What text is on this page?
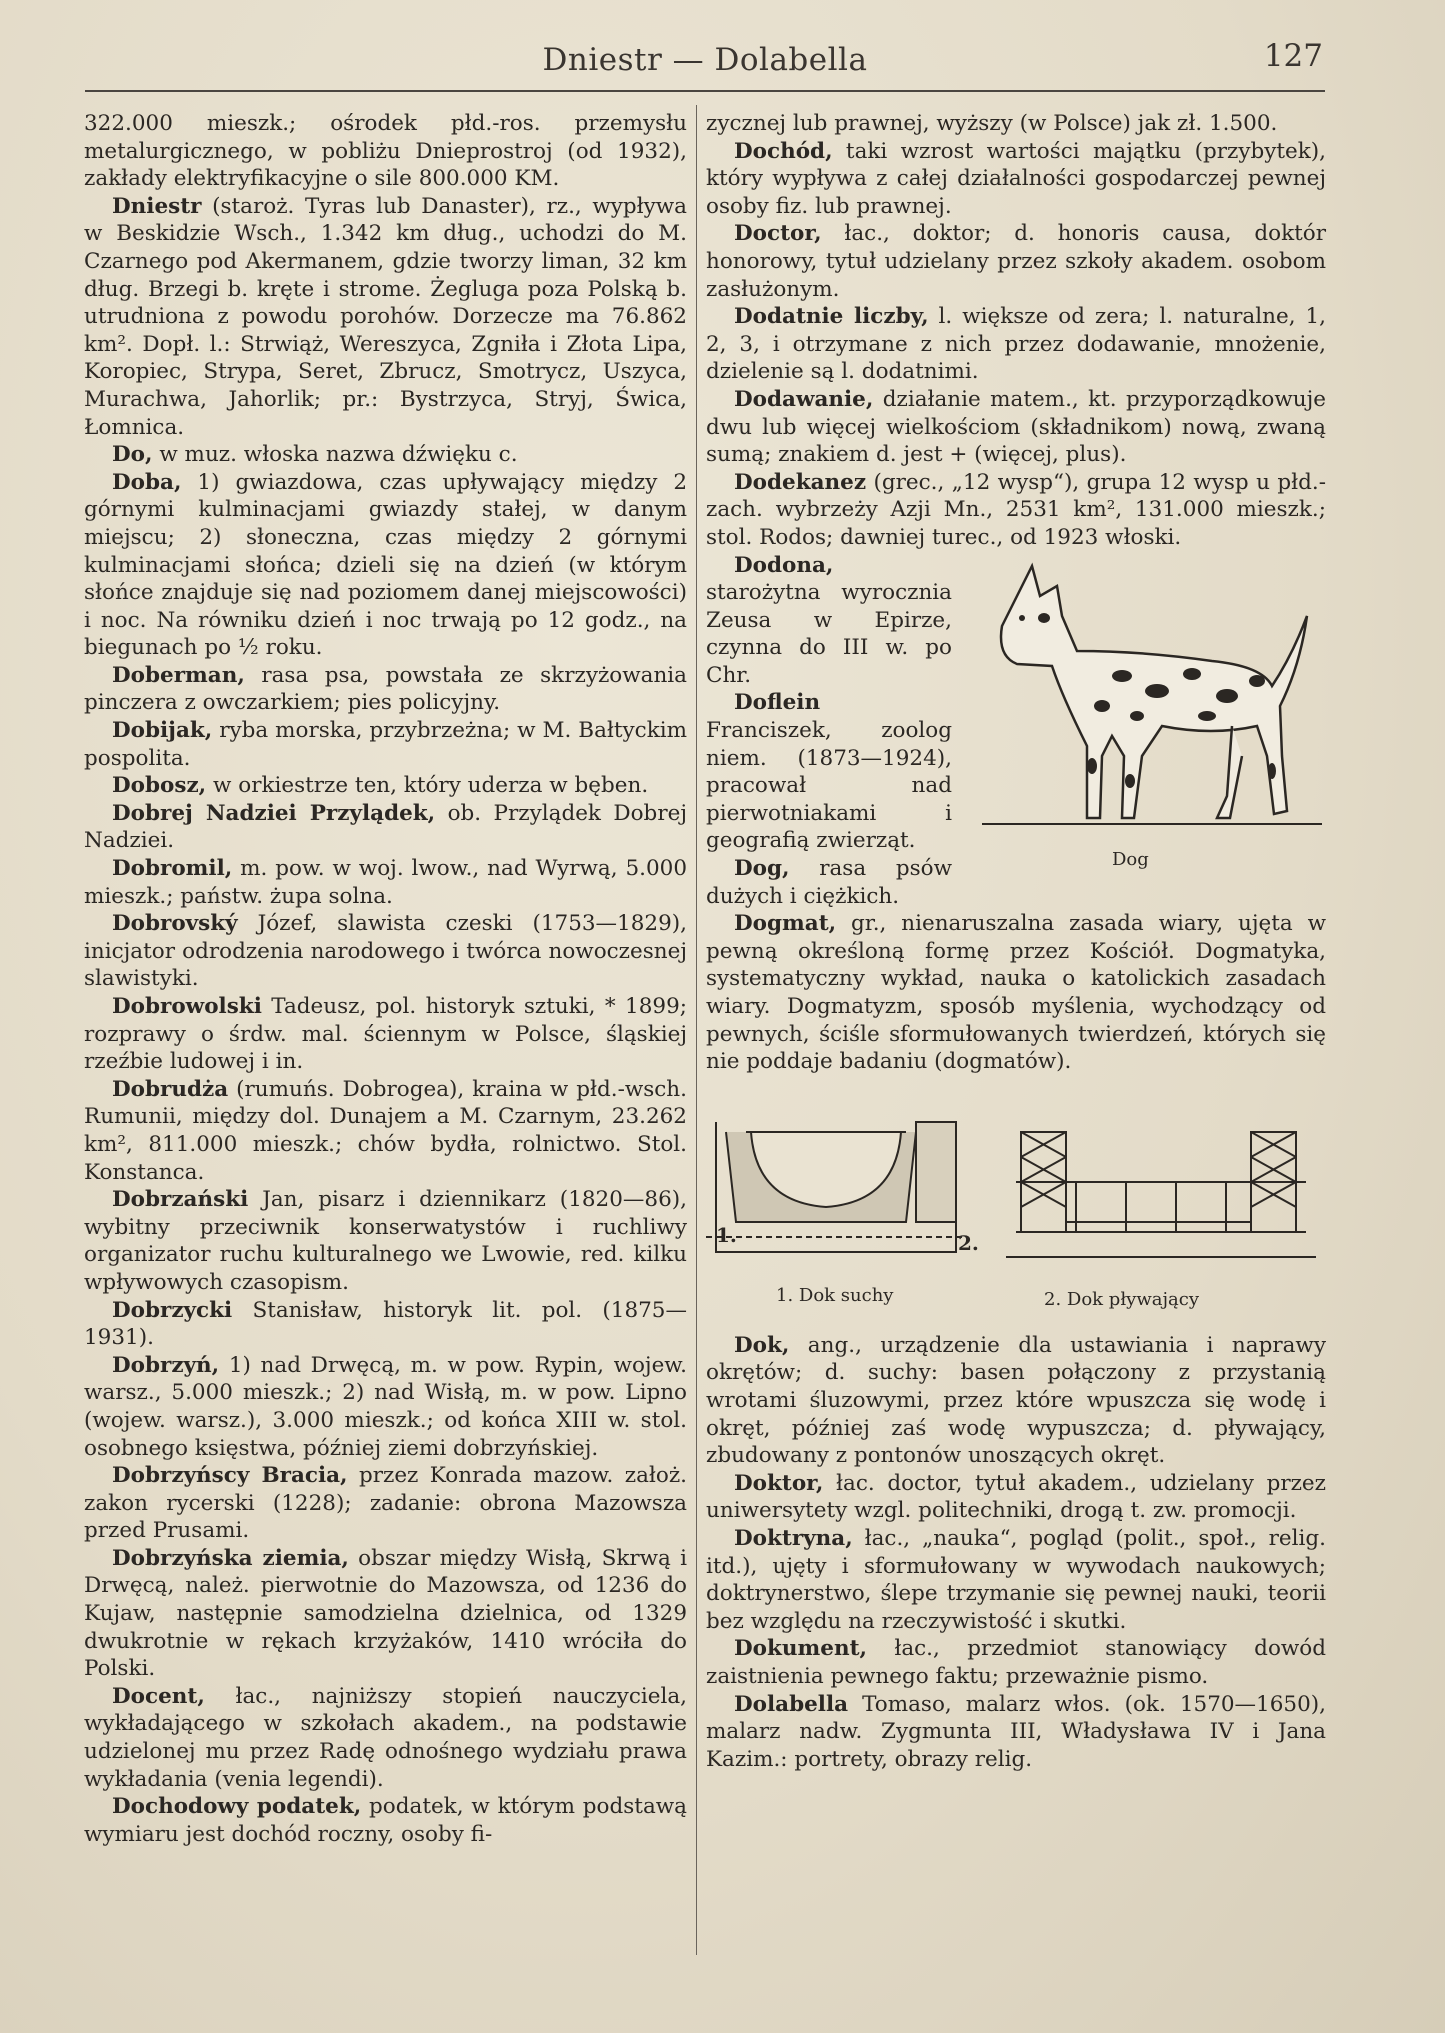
Dniestr — Dolabella	127

322.000 mieszk.; ośrodek płd.-ros. przemysłu metalurgicznego, w pobliżu Dnieprostroj (od 1932), zakłady elektryfikacyjne o sile 800.000 KM.

Dniestr (staroż. Tyras lub Danaster), rz., wypływa w Beskidzie Wsch., 1.342 km dług., uchodzi do M. Czarnego pod Akermanem, gdzie tworzy liman, 32 km dług. Brzegi b. kręte i strome. Żegluga poza Polską b. utrudniona z powodu porohów. Dorzecze ma 76.862 km². Dopł. l.: Strwiąż, Wereszyca, Zgniła i Złota Lipa, Koropiec, Strypa, Seret, Zbrucz, Smotrycz, Uszyca, Murachwa, Jahorlik; pr.: Bystrzyca, Stryj, Świca, Łomnica.

Do, w muz. włoska nazwa dźwięku c.

Doba, 1) gwiazdowa, czas upływający między 2 górnymi kulminacjami gwiazdy stałej, w danym miejscu; 2) słoneczna, czas między 2 górnymi kulminacjami słońca; dzieli się na dzień (w którym słońce znajduje się nad poziomem danej miejscowości) i noc. Na równiku dzień i noc trwają po 12 godz., na biegunach po ½ roku.

Doberman, rasa psa, powstała ze skrzyżowania pinczera z owczarkiem; pies policyjny.

Dobijak, ryba morska, przybrzeżna; w M. Bałtyckim pospolita.

Dobosz, w orkiestrze ten, który uderza w bęben.

Dobrej Nadziei Przylądek, ob. Przylądek Dobrej Nadziei.

Dobromil, m. pow. w woj. lwow., nad Wyrwą, 5.000 mieszk.; państw. żupa solna.

Dobrovský Józef, slawista czeski (1753—1829), inicjator odrodzenia narodowego i twórca nowoczesnej slawistyki.

Dobrowolski Tadeusz, pol. historyk sztuki, * 1899; rozprawy o śrdw. mal. ściennym w Polsce, śląskiej rzeźbie ludowej i in.

Dobrudża (rumuńs. Dobrogea), kraina w płd.-wsch. Rumunii, między dol. Dunajem a M. Czarnym, 23.262 km², 811.000 mieszk.; chów bydła, rolnictwo. Stol. Konstanca.

Dobrzański Jan, pisarz i dziennikarz (1820—86), wybitny przeciwnik konserwatystów i ruchliwy organizator ruchu kulturalnego we Lwowie, red. kilku wpływowych czasopism.

Dobrzycki Stanisław, historyk lit. pol. (1875—1931).

Dobrzyń, 1) nad Drwęcą, m. w pow. Rypin, wojew. warsz., 5.000 mieszk.; 2) nad Wisłą, m. w pow. Lipno (wojew. warsz.), 3.000 mieszk.; od końca XIII w. stol. osobnego księstwa, później ziemi dobrzyńskiej.

Dobrzyńscy Bracia, przez Konrada mazow. założ. zakon rycerski (1228); zadanie: obrona Mazowsza przed Prusami.

Dobrzyńska ziemia, obszar między Wisłą, Skrwą i Drwęcą, należ. pierwotnie do Mazowsza, od 1236 do Kujaw, następnie samodzielna dzielnica, od 1329 dwukrotnie w rękach krzyżaków, 1410 wróciła do Polski.

Docent, łac., najniższy stopień nauczyciela, wykładającego w szkołach akadem., na podstawie udzielonej mu przez Radę odnośnego wydziału prawa wykładania (venia legendi).

Dochodowy podatek, podatek, w którym podstawą wymiaru jest dochód roczny, osoby fi-

zycznej lub prawnej, wyższy (w Polsce) jak zł. 1.500.

Dochód, taki wzrost wartości majątku (przybytek), który wypływa z całej działalności gospodarczej pewnej osoby fiz. lub prawnej.

Doctor, łac., doktor; d. honoris causa, doktór honorowy, tytuł udzielany przez szkoły akadem. osobom zasłużonym.

Dodatnie liczby, l. większe od zera; l. naturalne, 1, 2, 3, i otrzymane z nich przez dodawanie, mnożenie, dzielenie są l. dodatnimi.

Dodawanie, działanie matem., kt. przyporządkowuje dwu lub więcej wielkościom (składnikom) nową, zwaną sumą; znakiem d. jest + (więcej, plus).

Dodekanez (grec., „12 wysp“), grupa 12 wysp u płd.-zach. wybrzeży Azji Mn., 2531 km², 131.000 mieszk.; stol. Rodos; dawniej turec., od 1923 włoski.

Dog

Dodona, starożytna wyrocznia Zeusa w Epirze, czynna do III w. po Chr.

Doflein Franciszek, zoolog niem. (1873—1924), pracował nad pierwotniakami i geografią zwierząt.

Dog, rasa psów dużych i ciężkich.

Dogmat, gr., nienaruszalna zasada wiary, ujęta w pewną określoną formę przez Kościół. Dogmatyka, systematyczny wykład, nauka o katolickich zasadach wiary. Dogmatyzm, sposób myślenia, wychodzący od pewnych, ściśle sformułowanych twierdzeń, których się nie poddaje badaniu (dogmatów).

1.	2.
1. Dok suchy	2. Dok pływający

Dok, ang., urządzenie dla ustawiania i naprawy okrętów; d. suchy: basen połączony z przystanią wrotami śluzowymi, przez które wpuszcza się wodę i okręt, później zaś wodę wypuszcza; d. pływający, zbudowany z pontonów unoszących okręt.

Doktor, łac. doctor, tytuł akadem., udzielany przez uniwersytety wzgl. politechniki, drogą t. zw. promocji.

Doktryna, łac., „nauka“, pogląd (polit., społ., relig. itd.), ujęty i sformułowany w wywodach naukowych; doktrynerstwo, ślepe trzymanie się pewnej nauki, teorii bez względu na rzeczywistość i skutki.

Dokument, łac., przedmiot stanowiący dowód zaistnienia pewnego faktu; przeważnie pismo.

Dolabella Tomaso, malarz włos. (ok. 1570—1650), malarz nadw. Zygmunta III, Władysława IV i Jana Kazim.: portrety, obrazy relig.
